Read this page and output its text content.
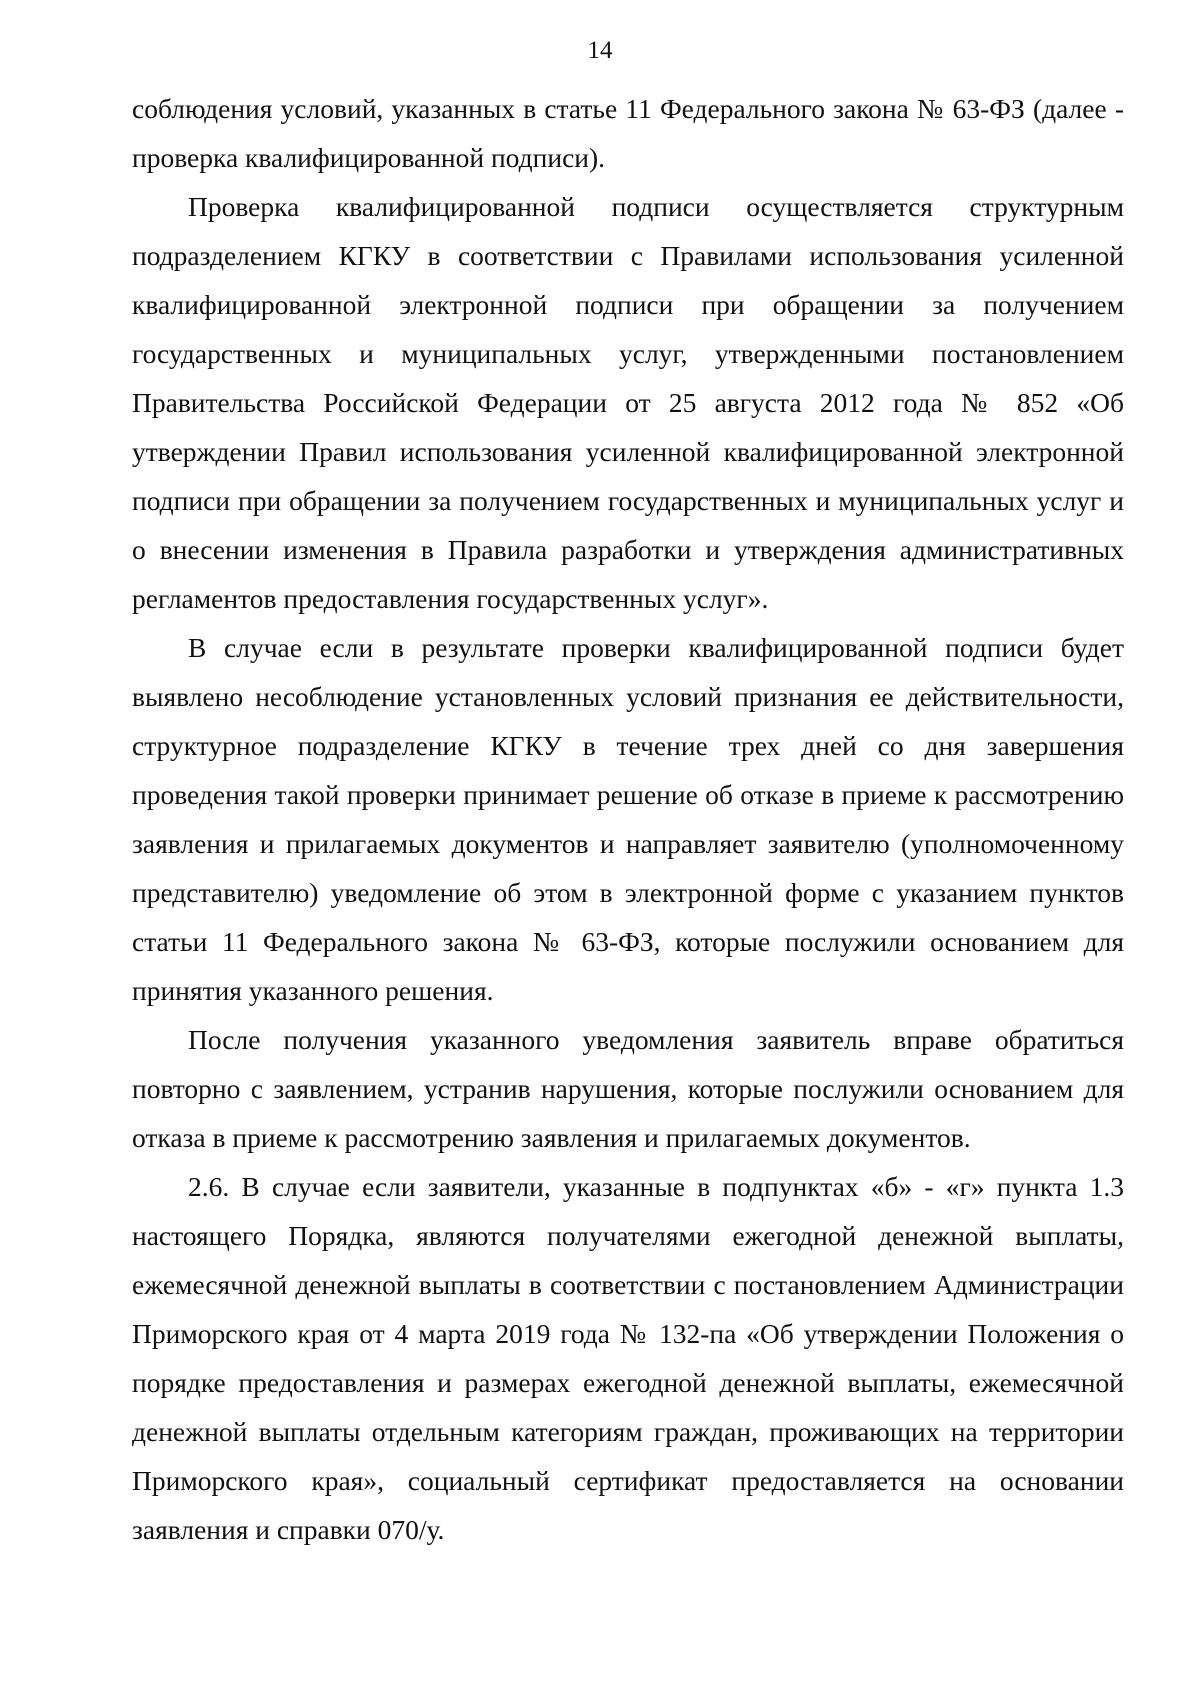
14

соблюдения условий, указанных в статье 11 Федерального закона № 63-ФЗ (далее - проверка квалифицированной подписи).

Проверка квалифицированной подписи осуществляется структурным подразделением КГКУ в соответствии с Правилами использования усиленной квалифицированной электронной подписи при обращении за получением государственных и муниципальных услуг, утвержденными постановлением Правительства Российской Федерации от 25 августа 2012 года № 852 «Об утверждении Правил использования усиленной квалифицированной электронной подписи при обращении за получением государственных и муниципальных услуг и о внесении изменения в Правила разработки и утверждения административных регламентов предоставления государственных услуг».

В случае если в результате проверки квалифицированной подписи будет выявлено несоблюдение установленных условий признания ее действительности, структурное подразделение КГКУ в течение трех дней со дня завершения проведения такой проверки принимает решение об отказе в приеме к рассмотрению заявления и прилагаемых документов и направляет заявителю (уполномоченному представителю) уведомление об этом в электронной форме с указанием пунктов статьи 11 Федерального закона № 63-ФЗ, которые послужили основанием для принятия указанного решения.

После получения указанного уведомления заявитель вправе обратиться повторно с заявлением, устранив нарушения, которые послужили основанием для отказа в приеме к рассмотрению заявления и прилагаемых документов.

2.6. В случае если заявители, указанные в подпунктах «б» - «г» пункта 1.3 настоящего Порядка, являются получателями ежегодной денежной выплаты, ежемесячной денежной выплаты в соответствии с постановлением Администрации Приморского края от 4 марта 2019 года № 132-па «Об утверждении Положения о порядке предоставления и размерах ежегодной денежной выплаты, ежемесячной денежной выплаты отдельным категориям граждан, проживающих на территории Приморского края», социальный сертификат предоставляется на основании заявления и справки 070/у.
